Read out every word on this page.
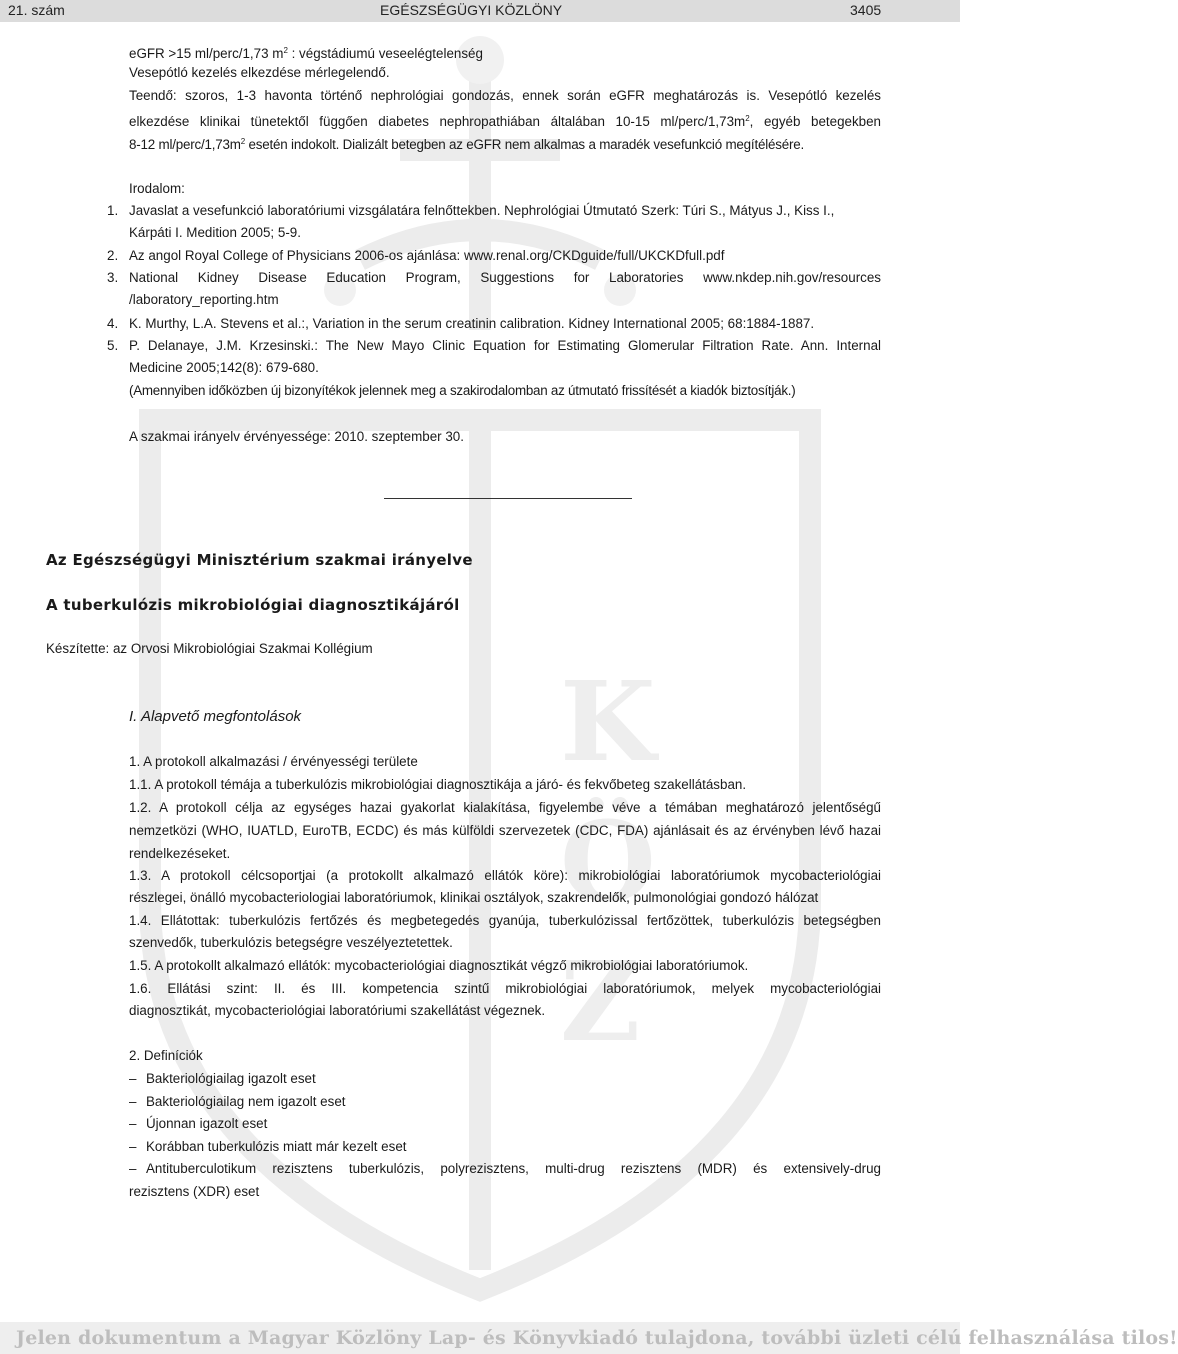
K
Ö
Z
21. szám	EGÉSZSÉGÜGYI KÖZLÖNY	3405
eGFR >15 ml/perc/1,73 $m^2$ : végstádiumú veseelégtelenség
Vesepótló kezelés elkezdése mérlegelendő.
Teendő: szoros, 1-3 havonta történő nephrológiai gondozás, ennek során eGFR meghatározás is. Vesepótló kezelés
elkezdése klinikai tünetektől függően diabetes nephropathiában általában 10-15 $ml/perc/1,73m^2$, egyéb betegekben
8-12 $ml/perc/1,73m^2$ esetén indokolt. Dializált betegben az eGFR nem alkalmas a maradék vesefunkció megítélésére.
Irodalom:
1. Javaslat a vesefunkció laboratóriumi vizsgálatára felnőttekben. Nephrológiai Útmutató Szerk: Túri S., Mátyus J., Kiss I.,
Kárpáti I. Medition 2005; 5-9.
2. Az angol Royal College of Physicians 2006-os ajánlása: www.renal.org/CKDguide/full/UKCKDfull.pdf
3. National Kidney Disease Education Program, Suggestions for Laboratories www.nkdep.nih.gov/resources
/laboratory_reporting.htm
4. K. Murthy, L.A. Stevens et al.:, Variation in the serum creatinin calibration. Kidney International 2005; 68:1884-1887.
5. P. Delanaye, J.M. Krzesinski.: The New Mayo Clinic Equation for Estimating Glomerular Filtration Rate. Ann. Internal
Medicine 2005;142(8): 679-680.
(Amennyiben időközben új bizonyítékok jelennek meg a szakirodalomban az útmutató frissítését a kiadók biztosítják.)
A szakmai irányelv érvényessége: 2010. szeptember 30.
Az Egészségügyi Minisztérium szakmai irányelve
A tuberkulózis mikrobiológiai diagnosztikájáról
Készítette: az Orvosi Mikrobiológiai Szakmai Kollégium
I. Alapvető megfontolások
1. A protokoll alkalmazási / érvényességi területe
1.1. A protokoll témája a tuberkulózis mikrobiológiai diagnosztikája a járó- és fekvőbeteg szakellátásban.
1.2. A protokoll célja az egységes hazai gyakorlat kialakítása, figyelembe véve a témában meghatározó jelentőségű
nemzetközi (WHO, IUATLD, EuroTB, ECDC) és más külföldi szervezetek (CDC, FDA) ajánlásait és az érvényben lévő hazai
rendelkezéseket.
1.3. A protokoll célcsoportjai (a protokollt alkalmazó ellátók köre): mikrobiológiai laboratóriumok mycobacteriológiai
részlegei, önálló mycobacteriologiai laboratóriumok, klinikai osztályok, szakrendelők, pulmonológiai gondozó hálózat
1.4. Ellátottak: tuberkulózis fertőzés és megbetegedés gyanúja, tuberkulózissal fertőzöttek, tuberkulózis betegségben
szenvedők, tuberkulózis betegségre veszélyeztetettek.
1.5. A protokollt alkalmazó ellátók: mycobacteriológiai diagnosztikát végző mikrobiológiai laboratóriumok.
1.6. Ellátási szint: II. és III. kompetencia szintű mikrobiológiai laboratóriumok, melyek mycobacteriológiai
diagnosztikát, mycobacteriológiai laboratóriumi szakellátást végeznek.
2. Definíciók
– Bakteriológiailag igazolt eset
– Bakteriológiailag nem igazolt eset
– Újonnan igazolt eset
– Korábban tuberkulózis miatt már kezelt eset
– Antituberculotikum rezisztens tuberkulózis, polyrezisztens, multi-drug rezisztens (MDR) és extensively-drug
rezisztens (XDR) eset
Jelen dokumentum a Magyar Közlöny Lap- és Könyvkiadó tulajdona, további üzleti célú felhasználása tilos!
